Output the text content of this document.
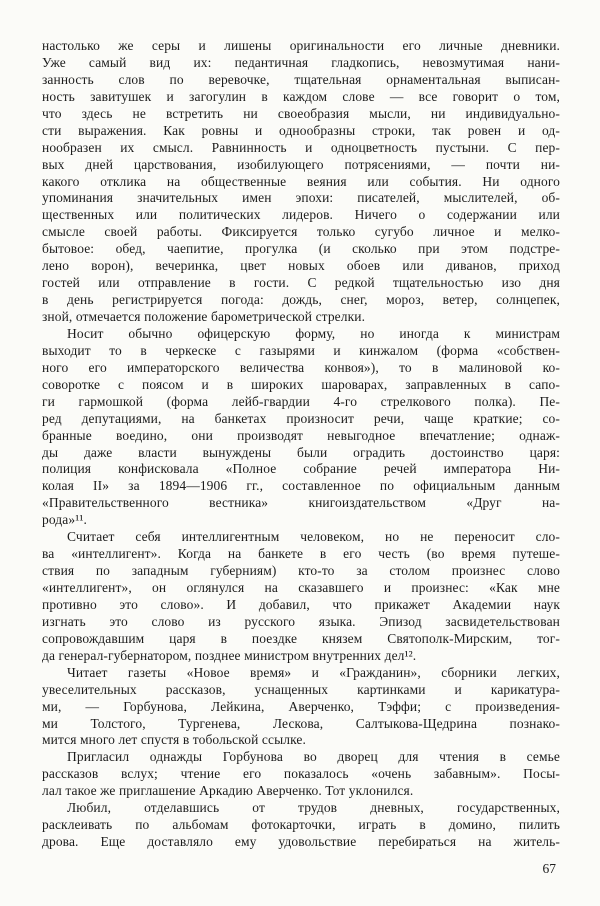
настолько же серы и лишены оригинальности его личные дневники.
Уже самый вид их: педантичная гладкопись, невозмутимая нани-
занность слов по веревочке, тщательная орнаментальная выписан-
ность завитушек и загогулин в каждом слове — все говорит о том,
что здесь не встретить ни своеобразия мысли, ни индивидуально-
сти выражения. Как ровны и однообразны строки, так ровен и од-
нообразен их смысл. Равнинность и одноцветность пустыни. С пер-
вых дней царствования, изобилующего потрясениями, — почти ни-
какого отклика на общественные веяния или события. Ни одного
упоминания значительных имен эпохи: писателей, мыслителей, об-
щественных или политических лидеров. Ничего о содержании или
смысле своей работы. Фиксируется только сугубо личное и мелко-
бытовое: обед, чаепитие, прогулка (и сколько при этом подстре-
лено ворон), вечеринка, цвет новых обоев или диванов, приход
гостей или отправление в гости. С редкой тщательностью изо дня
в день регистрируется погода: дождь, снег, мороз, ветер, солнцепек,
зной, отмечается положение барометрической стрелки.
Носит обычно офицерскую форму, но иногда к министрам
выходит то в черкеске с газырями и кинжалом (форма «собствен-
ного его императорского величества конвоя»), то в малиновой ко-
соворотке с поясом и в широких шароварах, заправленных в сапо-
ги гармошкой (форма лейб-гвардии 4-го стрелкового полка). Пе-
ред депутациями, на банкетах произносит речи, чаще краткие; со-
бранные воедино, они производят невыгодное впечатление; однаж-
ды даже власти вынуждены были оградить достоинство царя:
полиция конфисковала «Полное собрание речей императора Ни-
колая II» за 1894—1906 гг., составленное по официальным данным
«Правительственного вестника» книгоиздательством «Друг на-
рода»¹¹.
Считает себя интеллигентным человеком, но не переносит сло-
ва «интеллигент». Когда на банкете в его честь (во время путеше-
ствия по западным губерниям) кто-то за столом произнес слово
«интеллигент», он оглянулся на сказавшего и произнес: «Как мне
противно это слово». И добавил, что прикажет Академии наук
изгнать это слово из русского языка. Эпизод засвидетельствован
сопровождавшим царя в поездке князем Святополк-Мирским, тог-
да генерал-губернатором, позднее министром внутренних дел¹².
Читает газеты «Новое время» и «Гражданин», сборники легких,
увеселительных рассказов, уснащенных картинками и карикатура-
ми, — Горбунова, Лейкина, Аверченко, Тэффи; с произведения-
ми Толстого, Тургенева, Лескова, Салтыкова-Щедрина познако-
мится много лет спустя в тобольской ссылке.
Пригласил однажды Горбунова во дворец для чтения в семье
рассказов вслух; чтение его показалось «очень забавным». Посы-
лал такое же приглашение Аркадию Аверченко. Тот уклонился.
Любил, отделавшись от трудов дневных, государственных,
расклеивать по альбомам фотокарточки, играть в домино, пилить
дрова. Еще доставляло ему удовольствие перебираться на житель-
67
